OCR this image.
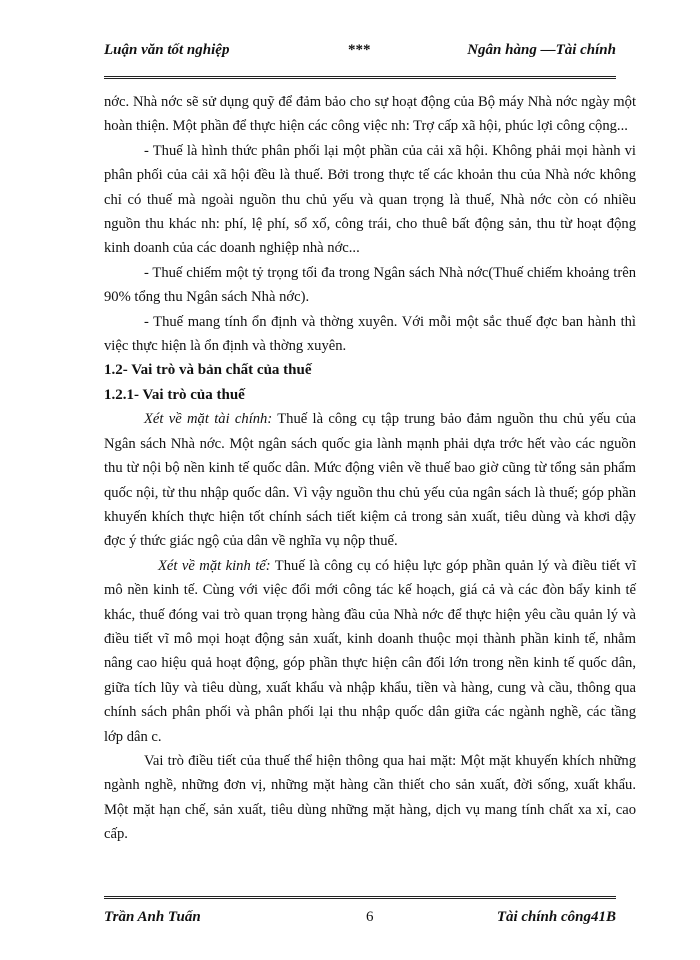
Luận văn tốt nghiệp	***	Ngân hàng —Tài chính

nớc. Nhà nớc sẽ sử dụng quỹ để đảm bảo cho sự hoạt động của Bộ máy Nhà nớc ngày một hoàn thiện. Một phần để thực hiện các công việc nh: Trợ cấp xã hội, phúc lợi công cộng...

- Thuế là hình thức phân phối lại một phần của cải xã hội. Không phải mọi hành vi phân phối của cải xã hội đều là thuế. Bởi trong thực tế các khoản thu của Nhà nớc không chỉ có thuế mà ngoài nguồn thu chủ yếu và quan trọng là thuế, Nhà nớc còn có nhiều nguồn thu khác nh: phí, lệ phí, sổ xố, công trái, cho thuê bất động sản, thu từ hoạt động kinh doanh của các doanh nghiệp nhà nớc...

- Thuế chiếm một tỷ trọng tối đa trong Ngân sách Nhà nớc(Thuế chiếm khoảng trên 90% tổng thu Ngân sách Nhà nớc).

- Thuế mang tính ổn định và thờng xuyên. Với mỗi một sắc thuế đợc ban hành thì việc thực hiện là ổn định và thờng xuyên.

1.2- Vai trò và bản chất của thuế

1.2.1- Vai trò của thuế

Xét về mặt tài chính: Thuế là công cụ tập trung bảo đảm nguồn thu chủ yếu của Ngân sách Nhà nớc. Một ngân sách quốc gia lành mạnh phải dựa trớc hết vào các nguồn thu từ nội bộ nền kinh tế quốc dân. Mức động viên về thuế bao giờ cũng từ tổng sản phẩm quốc nội, từ thu nhập quốc dân. Vì vậy nguồn thu chủ yếu của ngân sách là thuế; góp phần khuyến khích thực hiện tốt chính sách tiết kiệm cả trong sản xuất, tiêu dùng và khơi dậy đợc ý thức giác ngộ của dân về nghĩa vụ nộp thuế.

Xét về mặt kinh tế: Thuế là công cụ có hiệu lực góp phần quản lý và điều tiết vĩ mô nền kinh tế. Cùng với việc đổi mới công tác kế hoạch, giá cả và các đòn bẩy kinh tế khác, thuế đóng vai trò quan trọng hàng đầu của Nhà nớc để thực hiện yêu cầu quản lý và điều tiết vĩ mô mọi hoạt động sản xuất, kinh doanh thuộc mọi thành phần kinh tế, nhằm nâng cao hiệu quả hoạt động, góp phần thực hiện cân đối lớn trong nền kinh tế quốc dân, giữa tích lũy và tiêu dùng, xuất khẩu và nhập khẩu, tiền và hàng, cung và cầu, thông qua chính sách phân phối và phân phối lại thu nhập quốc dân giữa các ngành nghề, các tầng lớp dân c.

Vai trò điều tiết của thuế thể hiện thông qua hai mặt: Một mặt khuyến khích những ngành nghề, những đơn vị, những mặt hàng cần thiết cho sản xuất, đời sống, xuất khẩu. Một mặt hạn chế, sản xuất, tiêu dùng những mặt hàng, dịch vụ mang tính chất xa xỉ, cao cấp.

Trần Anh Tuấn	6	Tài chính công41B
